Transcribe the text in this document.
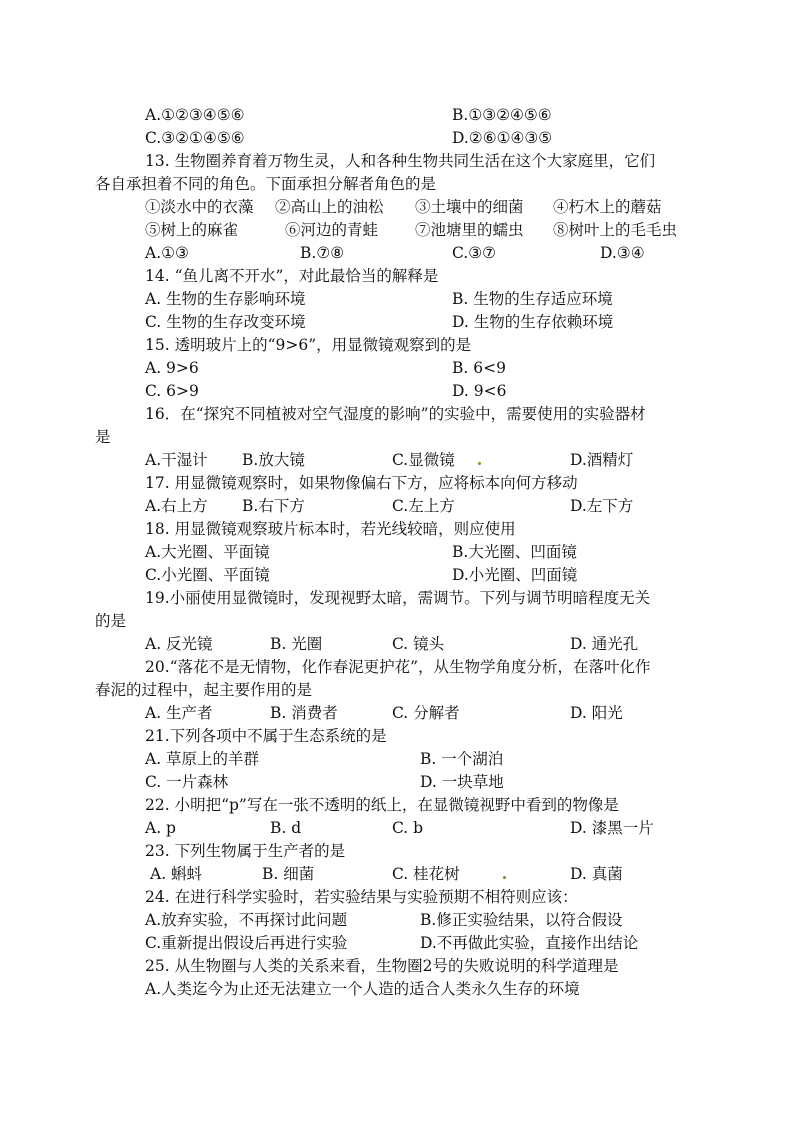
A.①②③④⑤⑥	B.①③②④⑤⑥
C.③②①④⑤⑥	D.②⑥①④③⑤
13. 生物圈养育着万物生灵，人和各种生物共同生活在这个大家庭里，它们
各自承担着不同的角色。下面承担分解者角色的是
①淡水中的衣藻 ②高山上的油松 ③土壤中的细菌 ④朽木上的蘑菇
⑤树上的麻雀	⑥河边的青蛙 ⑦池塘里的蠕虫 ⑧树叶上的毛毛虫
A.①③	B.⑦⑧	C.③⑦	D.③④
14. “鱼儿离不开水”，对此最恰当的解释是
A. 生物的生存影响环境	B. 生物的生存适应环境
C. 生物的生存改变环境	D. 生物的生存依赖环境
15. 透明玻片上的“9>6”，用显微镜观察到的是
A. 9>6	B. 6<9
C. 6>9	D. 9<6
16．在“探究不同植被对空气湿度的影响”的实验中，需要使用的实验器材
是
A.干湿计 B.放大镜	C.显微镜	D.酒精灯
17. 用显微镜观察时，如果物像偏右下方，应将标本向何方移动
A.右上方 B.右下方	C.左上方	D.左下方
18. 用显微镜观察玻片标本时，若光线较暗，则应使用
A.大光圈、平面镜	B.大光圈、凹面镜
C.小光圈、平面镜	D.小光圈、凹面镜
19.小丽使用显微镜时，发现视野太暗，需调节。下列与调节明暗程度无关
的是
A. 反光镜	B. 光圈	C. 镜头	D. 通光孔
20.“落花不是无情物，化作春泥更护花”，从生物学角度分析，在落叶化作
春泥的过程中，起主要作用的是
A. 生产者	B. 消费者	C. 分解者	D. 阳光
21.下列各项中不属于生态系统的是
A. 草原上的羊群	B. 一个湖泊
C. 一片森林	D. 一块草地
22. 小明把“p”写在一张不透明的纸上，在显微镜视野中看到的物像是
A. p	B. d	C. b	D. 漆黑一片
23. 下列生物属于生产者的是
A. 蝌蚪	B. 细菌	C. 桂花树	D. 真菌
24. 在进行科学实验时，若实验结果与实验预期不相符则应该：
A.放弃实验，不再探讨此问题	B.修正实验结果，以符合假设
C.重新提出假设后再进行实验	D.不再做此实验，直接作出结论
25. 从生物圈与人类的关系来看，生物圈2号的失败说明的科学道理是
A.人类迄今为止还无法建立一个人造的适合人类永久生存的环境
